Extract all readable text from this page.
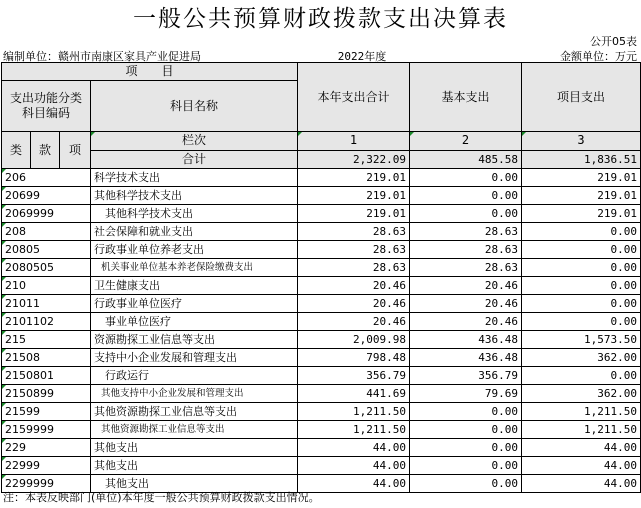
一般公共预算财政拨款支出决算表
公开05表
编制单位：赣州市南康区家具产业促进局	2022年度	金额单位：万元
项　　目				本年支出合计	基本支出	项目支出

支出功能分类
科目编码			科目名称			

类	款	项	栏次	1	2	3
			合计	2,322.09	485.58	1,836.51
206			科学技术支出	219.01	0.00	219.01
20699			其他科学技术支出	219.01	0.00	219.01
2069999			其他科学技术支出	219.01	0.00	219.01
208			社会保障和就业支出	28.63	28.63	0.00
20805			行政事业单位养老支出	28.63	28.63	0.00
2080505			机关事业单位基本养老保险缴费支出	28.63	28.63	0.00
210			卫生健康支出	20.46	20.46	0.00
21011			行政事业单位医疗	20.46	20.46	0.00
2101102			事业单位医疗	20.46	20.46	0.00
215			资源勘探工业信息等支出	2,009.98	436.48	1,573.50
21508			支持中小企业发展和管理支出	798.48	436.48	362.00
2150801			行政运行	356.79	356.79	0.00
2150899			其他支持中小企业发展和管理支出	441.69	79.69	362.00
21599			其他资源勘探工业信息等支出	1,211.50	0.00	1,211.50
2159999			其他资源勘探工业信息等支出	1,211.50	0.00	1,211.50
229			其他支出	44.00	0.00	44.00
22999			其他支出	44.00	0.00	44.00
2299999			其他支出	44.00	0.00	44.00
注：本表反映部门(单位)本年度一般公共预算财政拨款支出情况。
